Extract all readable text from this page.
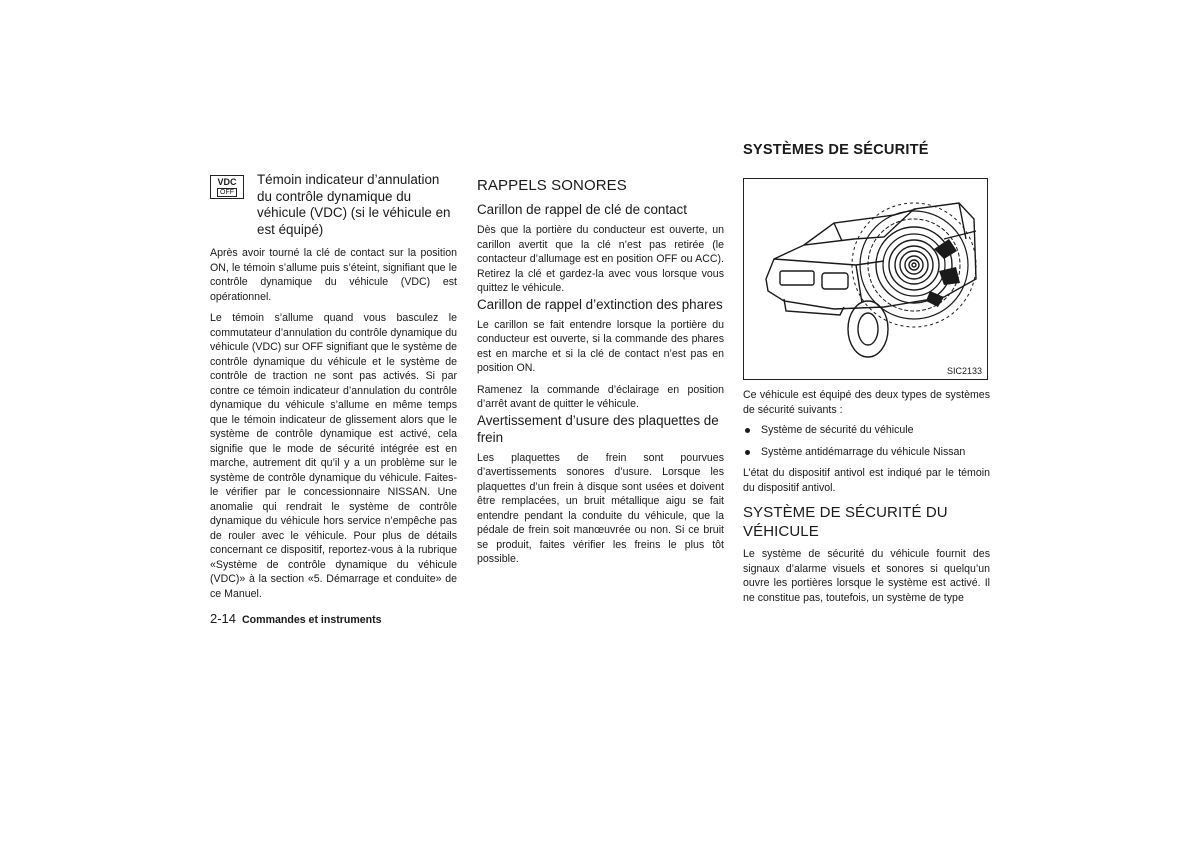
VDC
OFF
Témoin indicateur d’annulation du contrôle dynamique du véhicule (VDC) (si le véhicule en est équipé)

Après avoir tourné la clé de contact sur la position ON, le témoin s’allume puis s’éteint, signifiant que le contrôle dynamique du véhicule (VDC) est opérationnel.

Le témoin s’allume quand vous basculez le commutateur d’annulation du contrôle dynamique du véhicule (VDC) sur OFF signifiant que le système de contrôle dynamique du véhicule et le système de contrôle de traction ne sont pas activés. Si par contre ce témoin indicateur d’annulation du contrôle dynamique du véhicule s’allume en même temps que le témoin indicateur de glissement alors que le système de contrôle dynamique est activé, cela signifie que le mode de sécurité intégrée est en marche, autrement dit qu’il y a un problème sur le système de contrôle dynamique du véhicule. Faites-le vérifier par le concessionnaire NISSAN. Une anomalie qui rendrait le système de contrôle dynamique du véhicule hors service n’empêche pas de rouler avec le véhicule. Pour plus de détails concernant ce dispositif, reportez-vous à la rubrique «Système de contrôle dynamique du véhicule (VDC)» à la section «5. Démarrage et conduite» de ce Manuel.

RAPPELS SONORES
Carillon de rappel de clé de contact

Dès que la portière du conducteur est ouverte, un carillon avertit que la clé n’est pas retirée (le contacteur d’allumage est en position OFF ou ACC). Retirez la clé et gardez-la avec vous lorsque vous quittez le véhicule.

Carillon de rappel d’extinction des phares

Le carillon se fait entendre lorsque la portière du conducteur est ouverte, si la commande des phares est en marche et si la clé de contact n’est pas en position ON.

Ramenez la commande d’éclairage en position d’arrêt avant de quitter le véhicule.

Avertissement d’usure des plaquettes de frein

Les plaquettes de frein sont pourvues d’avertissements sonores d’usure. Lorsque les plaquettes d’un frein à disque sont usées et doivent être remplacées, un bruit métallique aigu se fait entendre pendant la conduite du véhicule, que la pédale de frein soit manœuvrée ou non. Si ce bruit se produit, faites vérifier les freins le plus tôt possible.

SYSTÈMES DE SÉCURITÉ
SIC2133

Ce véhicule est équipé des deux types de systèmes de sécurité suivants :

Système de sécurité du véhicule
Système antidémarrage du véhicule Nissan

L’état du dispositif antivol est indiqué par le témoin du dispositif antivol.

SYSTÈME DE SÉCURITÉ DU VÉHICULE

Le système de sécurité du véhicule fournit des signaux d’alarme visuels et sonores si quelqu’un ouvre les portières lorsque le système est activé. Il ne constitue pas, toutefois, un système de type

2-14 Commandes et instruments
